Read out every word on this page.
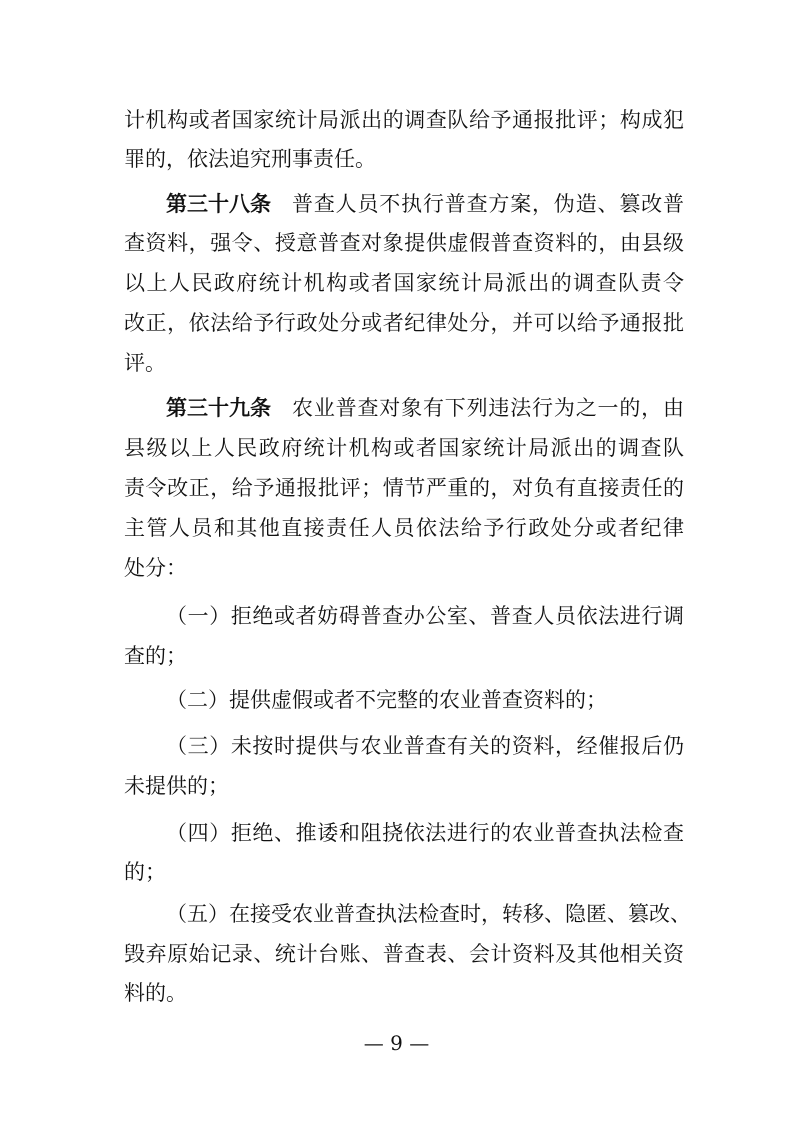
计机构或者国家统计局派出的调查队给予通报批评；构成犯
罪的，依法追究刑事责任。
第三十八条 普查人员不执行普查方案，伪造、篡改普
查资料，强令、授意普查对象提供虚假普查资料的，由县级
以上人民政府统计机构或者国家统计局派出的调查队责令
改正，依法给予行政处分或者纪律处分，并可以给予通报批
评。
第三十九条 农业普查对象有下列违法行为之一的，由
县级以上人民政府统计机构或者国家统计局派出的调查队
责令改正，给予通报批评；情节严重的，对负有直接责任的
主管人员和其他直接责任人员依法给予行政处分或者纪律
处分：
（一）拒绝或者妨碍普查办公室、普查人员依法进行调
查的；
（二）提供虚假或者不完整的农业普查资料的；
（三）未按时提供与农业普查有关的资料，经催报后仍
未提供的；
（四）拒绝、推诿和阻挠依法进行的农业普查执法检查
的；
（五）在接受农业普查执法检查时，转移、隐匿、篡改、
毁弃原始记录、统计台账、普查表、会计资料及其他相关资
料的。
— 9 —
